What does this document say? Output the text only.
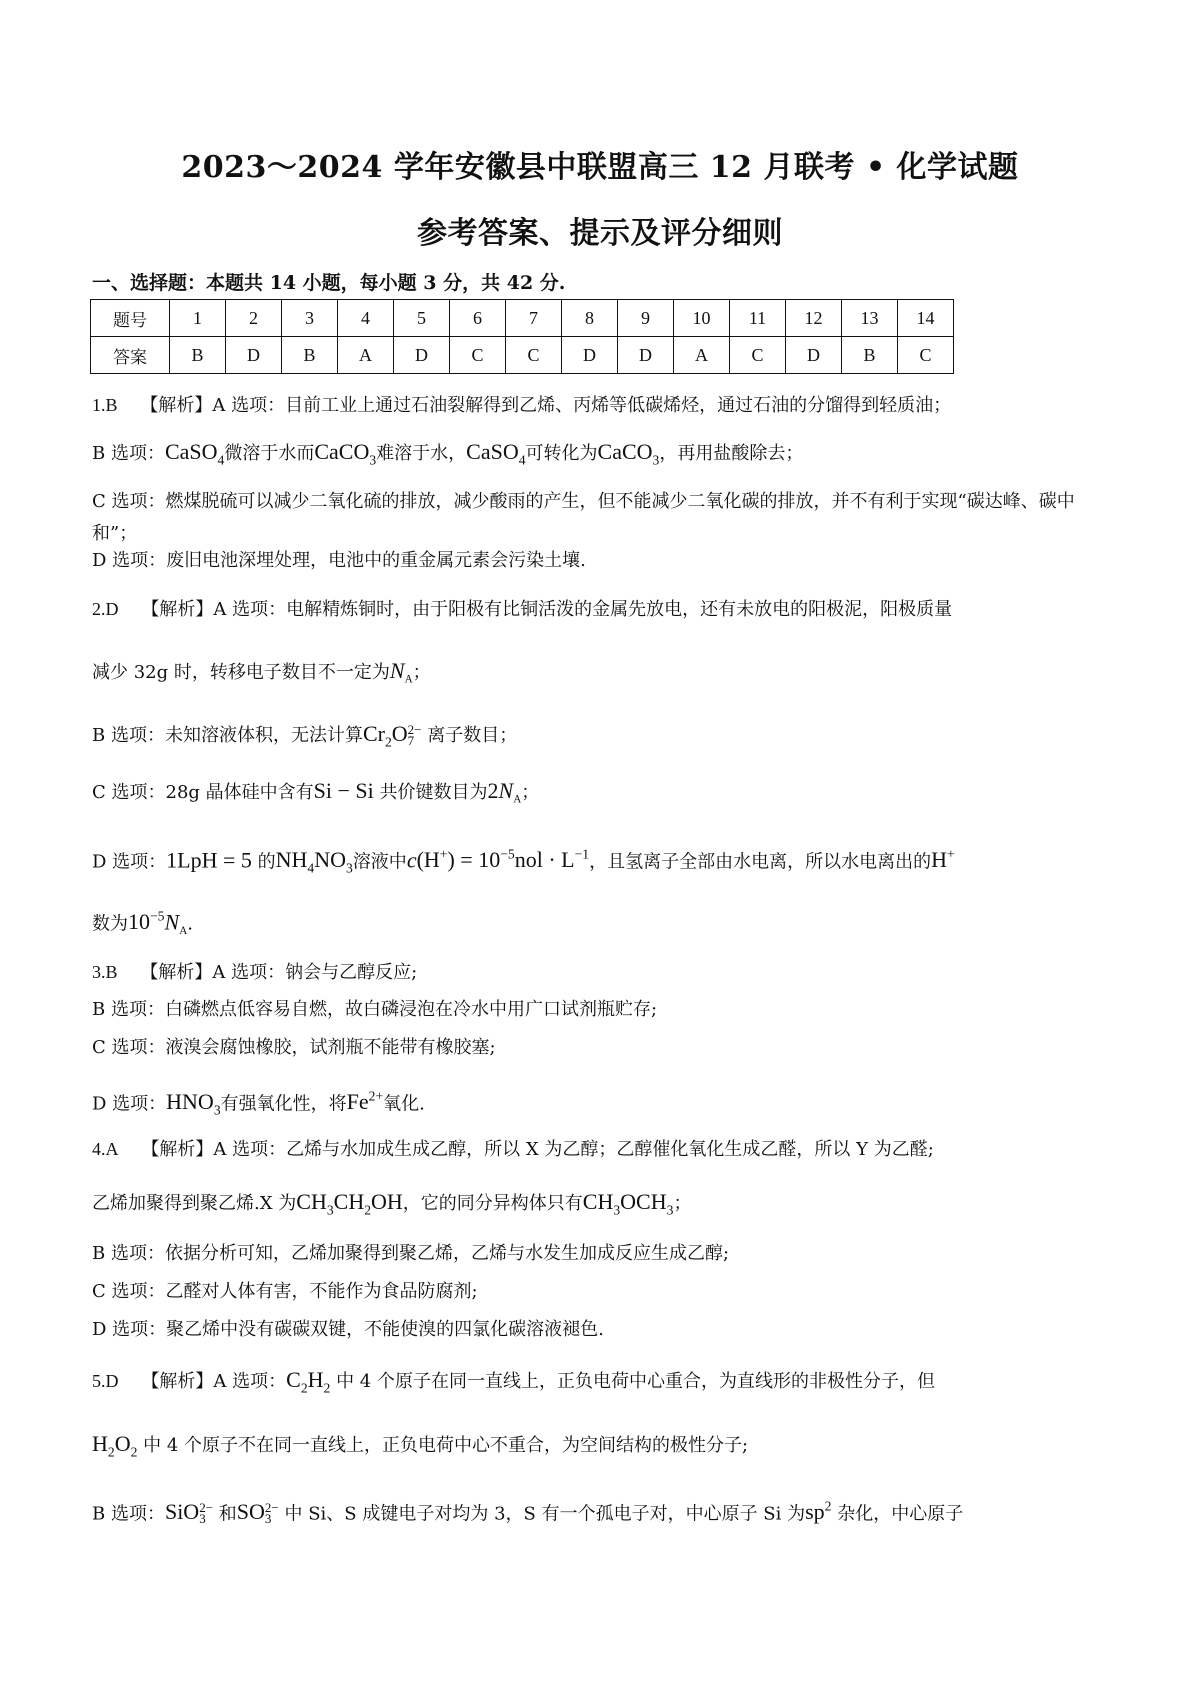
2023～2024 学年安徽县中联盟高三 12 月联考 • 化学试题
参考答案、提示及评分细则
一、选择题：本题共 14 小题，每小题 3 分，共 42 分.
题号	1	2	3	4	5	6	7	8	9	10	11	12	13	14
答案	B	D	B	A	D	C	C	D	D	A	C	D	B	C
1.B 【解析】A 选项：目前工业上通过石油裂解得到乙烯、丙烯等低碳烯烃，通过石油的分馏得到轻质油；
B 选项：CaSO$_4$微溶于水而CaCO$_3$难溶于水，CaSO$_4$可转化为CaCO$_3$，再用盐酸除去；
C 选项：燃煤脱硫可以减少二氧化硫的排放，减少酸雨的产生，但不能减少二氧化碳的排放，并不有利于实现“碳达峰、碳中和”；
D 选项：废旧电池深埋处理，电池中的重金属元素会污染土壤.
2.D 【解析】A 选项：电解精炼铜时，由于阳极有比铜活泼的金属先放电，还有未放电的阳极泥，阳极质量
减少 32g 时，转移电子数目不一定为$N_A$；
B 选项：未知溶液体积，无法计算$Cr_2O$ 2−
7 离子数目；
C 选项：28g 晶体硅中含有Si − Si 共价键数目为$2N_A$；
D 选项：1LpH = 5 的$NH_4NO_3$溶液中$c(H^+) = 10^{-5}nol \cdot L^{-1}$，且氢离子全部由水电离，所以水电离出的H+
数为$10^{-5}N_A$.
3.B 【解析】A 选项：钠会与乙醇反应;
B 选项：白磷燃点低容易自燃，故白磷浸泡在冷水中用广口试剂瓶贮存;
C 选项：液溴会腐蚀橡胶，试剂瓶不能带有橡胶塞;
D 选项：$HNO_3$有强氧化性，将$Fe^{2+}$氧化.
4.A 【解析】A 选项：乙烯与水加成生成乙醇，所以 X 为乙醇；乙醇催化氧化生成乙醛，所以 Y 为乙醛;
乙烯加聚得到聚乙烯.X 为$CH_3CH_2OH$，它的同分异构体只有$CH_3OCH_3$；
B 选项：依据分析可知，乙烯加聚得到聚乙烯，乙烯与水发生加成反应生成乙醇;
C 选项：乙醛对人体有害，不能作为食品防腐剂;
D 选项：聚乙烯中没有碳碳双键，不能使溴的四氯化碳溶液褪色.
5.D 【解析】A 选项：$C_2H_2$ 中 4 个原子在同一直线上，正负电荷中心重合，为直线形的非极性分子，但
$H_2O_2$ 中 4 个原子不在同一直线上，正负电荷中心不重合，为空间结构的极性分子;
B 选项：SiO 2−
3 和SO 2−
3 中 Si、S 成键电子对均为 3，S 有一个孤电子对，中心原子 Si 为$sp^2$ 杂化，中心原子
